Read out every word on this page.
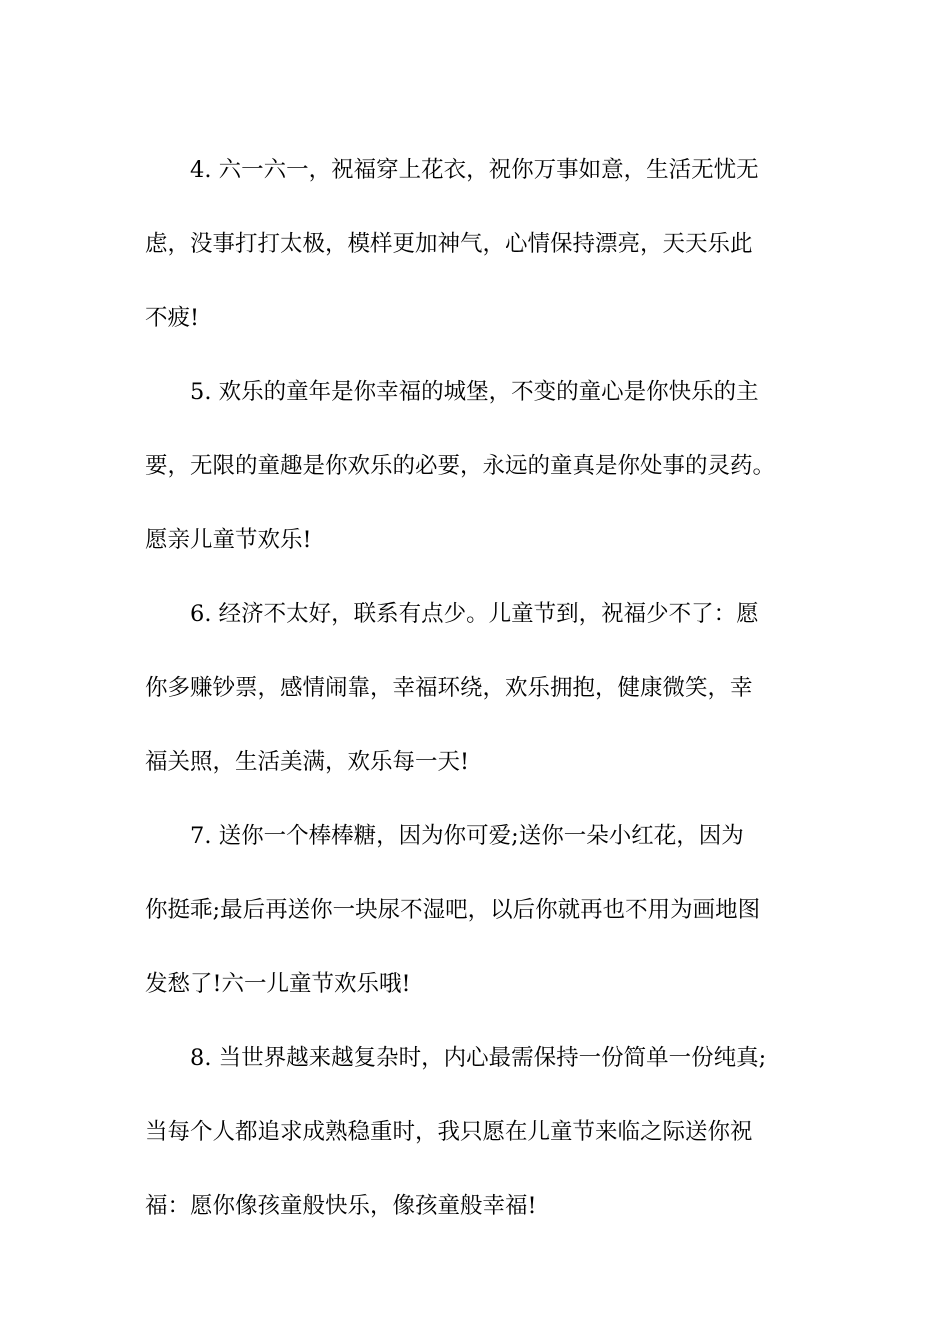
4. 六一六一，祝福穿上花衣，祝你万事如意，生活无忧无
虑，没事打打太极，模样更加神气，心情保持漂亮，天天乐此
不疲!

5. 欢乐的童年是你幸福的城堡，不变的童心是你快乐的主
要，无限的童趣是你欢乐的必要，永远的童真是你处事的灵药。
愿亲儿童节欢乐!

6. 经济不太好，联系有点少。儿童节到，祝福少不了：愿
你多赚钞票，感情闹靠，幸福环绕，欢乐拥抱，健康微笑，幸
福关照，生活美满，欢乐每一天!

7. 送你一个棒棒糖，因为你可爱;送你一朵小红花，因为
你挺乖;最后再送你一块尿不湿吧，以后你就再也不用为画地图
发愁了!六一儿童节欢乐哦!

8. 当世界越来越复杂时，内心最需保持一份简单一份纯真;
当每个人都追求成熟稳重时，我只愿在儿童节来临之际送你祝
福：愿你像孩童般快乐，像孩童般幸福!
